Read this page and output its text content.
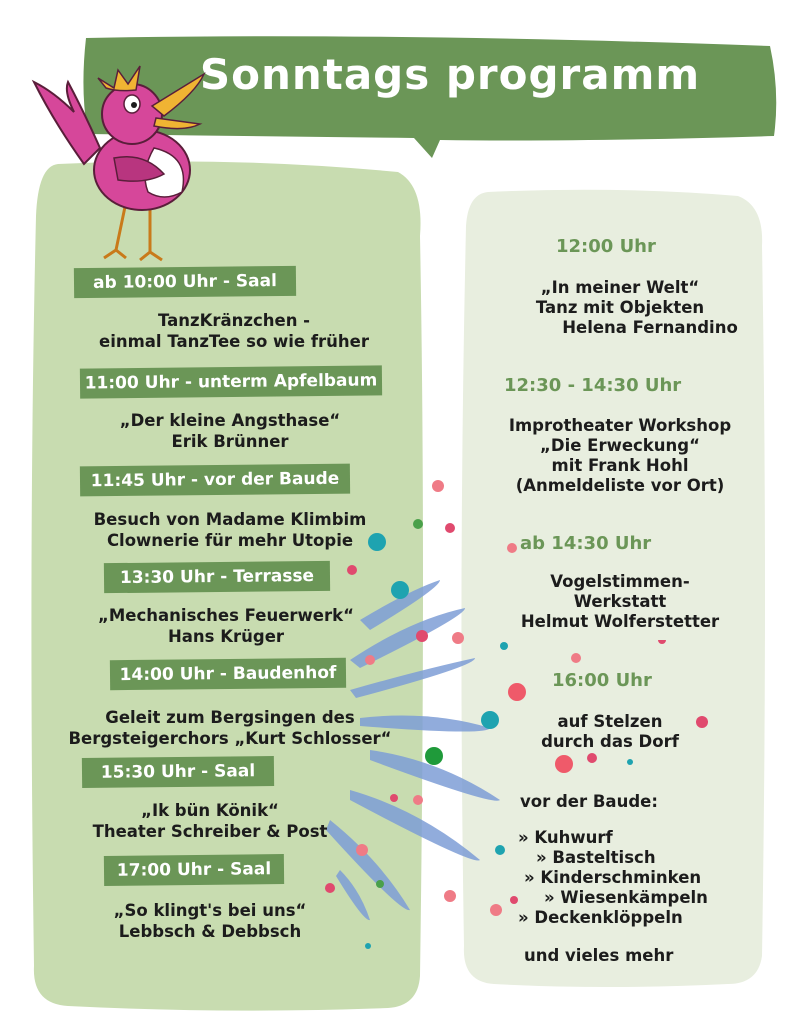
Sonntags programm
ab 10:00 Uhr - Saal
TanzKränzchen -
einmal TanzTee so wie früher
11:00 Uhr - unterm Apfelbaum
„Der kleine Angsthase“
Erik Brünner
11:45 Uhr - vor der Baude
Besuch von Madame Klimbim
Clownerie für mehr Utopie
13:30 Uhr - Terrasse
„Mechanisches Feuerwerk“
Hans Krüger
14:00 Uhr - Baudenhof
Geleit zum Bergsingen des
Bergsteigerchors „Kurt Schlosser“
15:30 Uhr - Saal
„Ik bün Könik“
Theater Schreiber & Post
17:00 Uhr - Saal
„So klingt's bei uns“
Lebbsch & Debbsch
12:00 Uhr
„In meiner Welt“
Tanz mit Objekten
Helena Fernandino
12:30 - 14:30 Uhr
Improtheater Workshop
„Die Erweckung“
mit Frank Hohl
(Anmeldeliste vor Ort)
ab 14:30 Uhr
Vogelstimmen-
Werkstatt
Helmut Wolferstetter
16:00 Uhr
auf Stelzen
durch das Dorf
vor der Baude:
» Kuhwurf
» Basteltisch
» Kinderschminken
» Wiesenkämpeln
» Deckenklöppeln
und vieles mehr
